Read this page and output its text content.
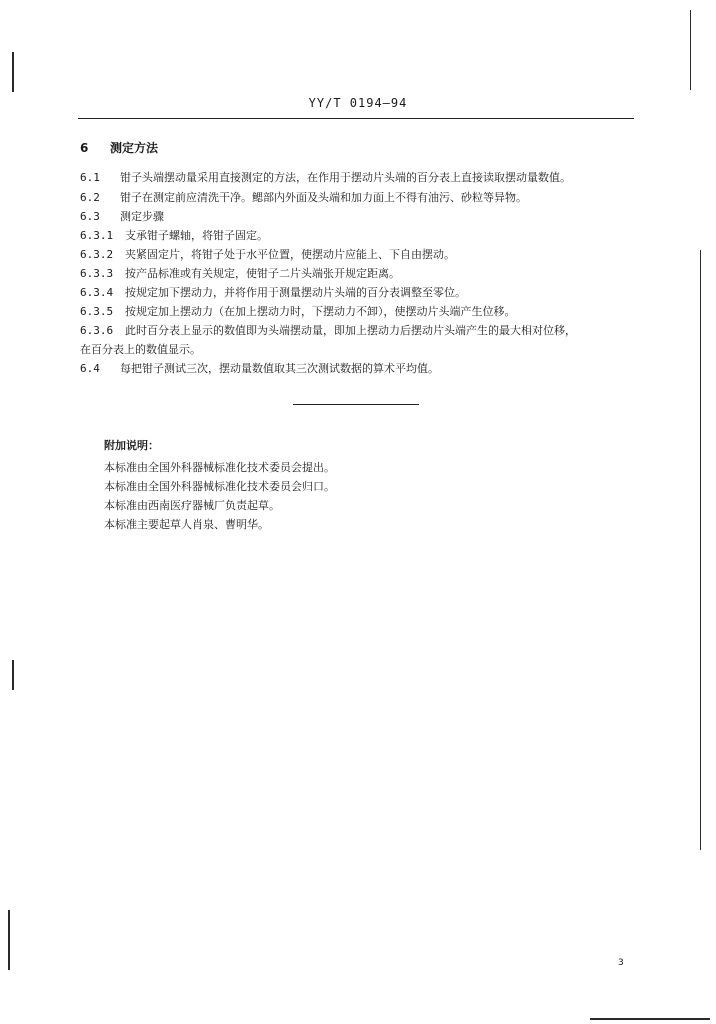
YY/T 0194—94
6 测定方法
6.1 钳子头端摆动量采用直接测定的方法，在作用于摆动片头端的百分表上直接读取摆动量数值。
6.2 钳子在测定前应清洗干净。鳃部内外面及头端和加力面上不得有油污、砂粒等异物。
6.3 测定步骤
6.3.1 支承钳子螺轴，将钳子固定。
6.3.2 夹紧固定片，将钳子处于水平位置，使摆动片应能上、下自由摆动。
6.3.3 按产品标准或有关规定，使钳子二片头端张开规定距离。
6.3.4 按规定加下摆动力，并将作用于测量摆动片头端的百分表调整至零位。
6.3.5 按规定加上摆动力（在加上摆动力时，下摆动力不卸），使摆动片头端产生位移。
6.3.6 此时百分表上显示的数值即为头端摆动量，即加上摆动力后摆动片头端产生的最大相对位移，
在百分表上的数值显示。
6.4 每把钳子测试三次，摆动量数值取其三次测试数据的算术平均值。
附加说明：
本标准由全国外科器械标准化技术委员会提出。
本标准由全国外科器械标准化技术委员会归口。
本标准由西南医疗器械厂负责起草。
本标准主要起草人肖泉、曹明华。
3
